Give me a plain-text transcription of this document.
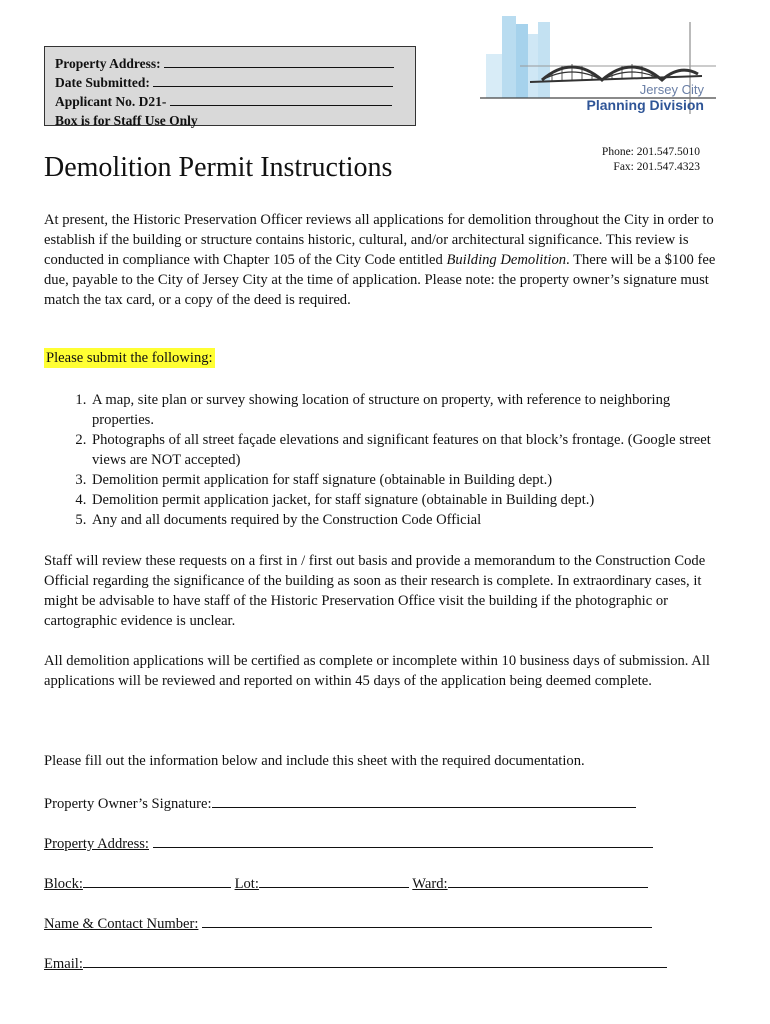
Property Address:
Date Submitted:
Applicant No. D21-
Box is for Staff Use Only
Jersey City
Planning Division
Phone: 201.547.5010
Fax: 201.547.4323
Demolition Permit Instructions

At present, the Historic Preservation Officer reviews all applications for demolition throughout the City in order to establish if the building or structure contains historic, cultural, and/or architectural significance. This review is conducted in compliance with Chapter 105 of the City Code entitled Building Demolition. There will be a $100 fee due, payable to the City of Jersey City at the time of application. Please note: the property owner’s signature must match the tax card, or a copy of the deed is required.

Please submit the following:
1. A map, site plan or survey showing location of structure on property, with reference to neighboring properties.
2. Photographs of all street façade elevations and significant features on that block’s frontage. (Google street views are NOT accepted)
3. Demolition permit application for staff signature (obtainable in Building dept.)
4. Demolition permit application jacket, for staff signature (obtainable in Building dept.)
5. Any and all documents required by the Construction Code Official

Staff will review these requests on a first in / first out basis and provide a memorandum to the Construction Code Official regarding the significance of the building as soon as their research is complete. In extraordinary cases, it might be advisable to have staff of the Historic Preservation Office visit the building if the photographic or cartographic evidence is unclear.

All demolition applications will be certified as complete or incomplete within 10 business days of submission. All applications will be reviewed and reported on within 45 days of the application being deemed complete.

Please fill out the information below and include this sheet with the required documentation.

Property Owner’s Signature:
Property Address:
Block:	Lot:	Ward:
Name & Contact Number:
Email:
